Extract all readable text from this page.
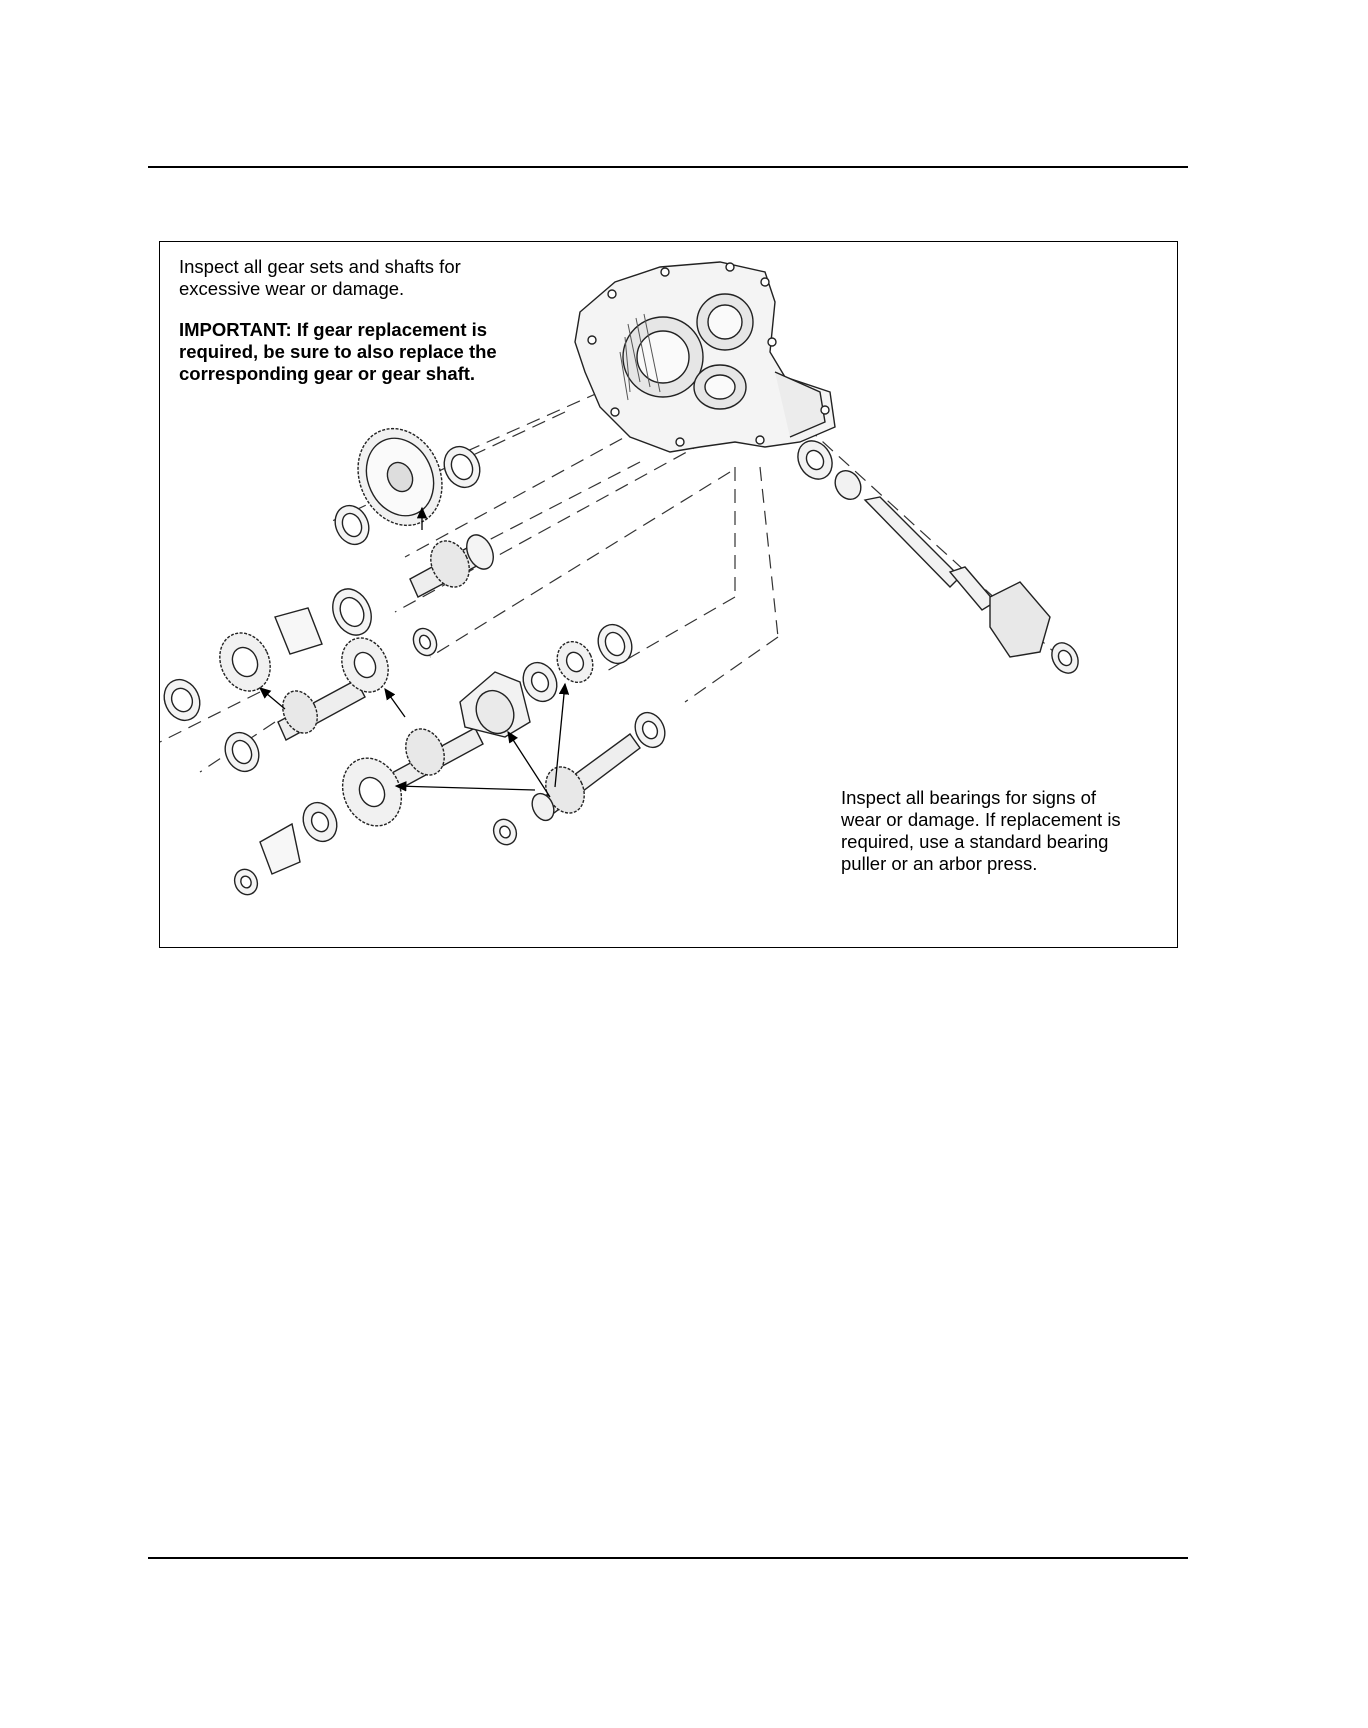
Inspect all gear sets and shafts for
excessive wear or damage.

IMPORTANT: If gear replacement is
required, be sure to also replace the
corresponding gear or gear shaft.

Inspect all bearings for signs of
wear or damage. If replacement is
required, use a standard bearing
puller or an arbor press.
